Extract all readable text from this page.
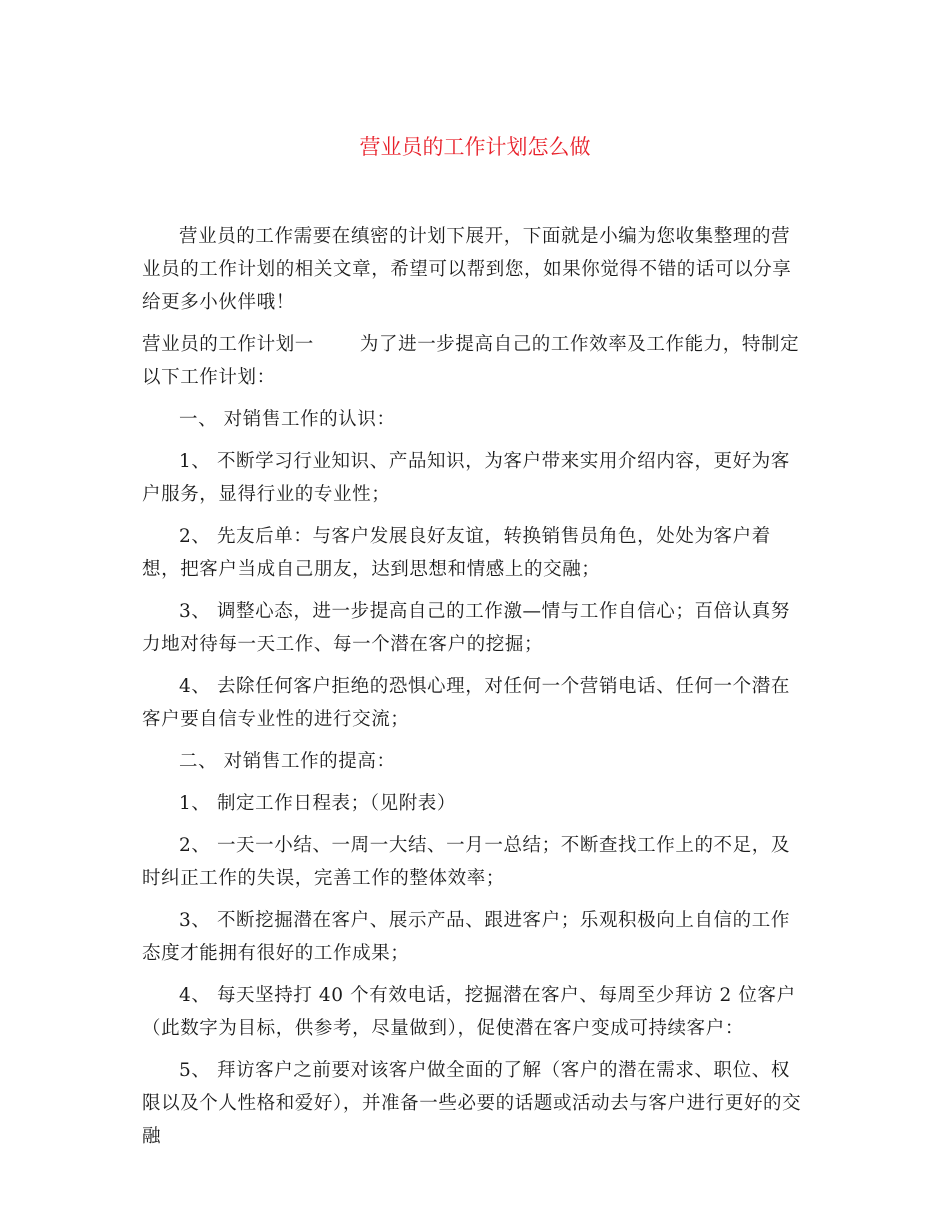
营业员的工作计划怎么做

营业员的工作需要在缜密的计划下展开，下面就是小编为您收集整理的营业员的工作计划的相关文章，希望可以帮到您，如果你觉得不错的话可以分享给更多小伙伴哦！

营业员的工作计划一 为了进一步提高自己的工作效率及工作能力，特制定以下工作计划：

一、 对销售工作的认识：

1、 不断学习行业知识、产品知识，为客户带来实用介绍内容，更好为客户服务，显得行业的专业性；

2、 先友后单：与客户发展良好友谊，转换销售员角色，处处为客户着想，把客户当成自己朋友，达到思想和情感上的交融；

3、 调整心态，进一步提高自己的工作激—情与工作自信心；百倍认真努力地对待每一天工作、每一个潜在客户的挖掘；

4、 去除任何客户拒绝的恐惧心理，对任何一个营销电话、任何一个潜在客户要自信专业性的进行交流；

二、 对销售工作的提高：

1、 制定工作日程表；（见附表）

2、 一天一小结、一周一大结、一月一总结；不断查找工作上的不足，及时纠正工作的失误，完善工作的整体效率；

3、 不断挖掘潜在客户、展示产品、跟进客户；乐观积极向上自信的工作态度才能拥有很好的工作成果；

4、 每天坚持打 40 个有效电话，挖掘潜在客户、每周至少拜访 2 位客户（此数字为目标，供参考，尽量做到），促使潜在客户变成可持续客户：

5、 拜访客户之前要对该客户做全面的了解（客户的潜在需求、职位、权限以及个人性格和爱好），并准备一些必要的话题或活动去与客户进行更好的交融
